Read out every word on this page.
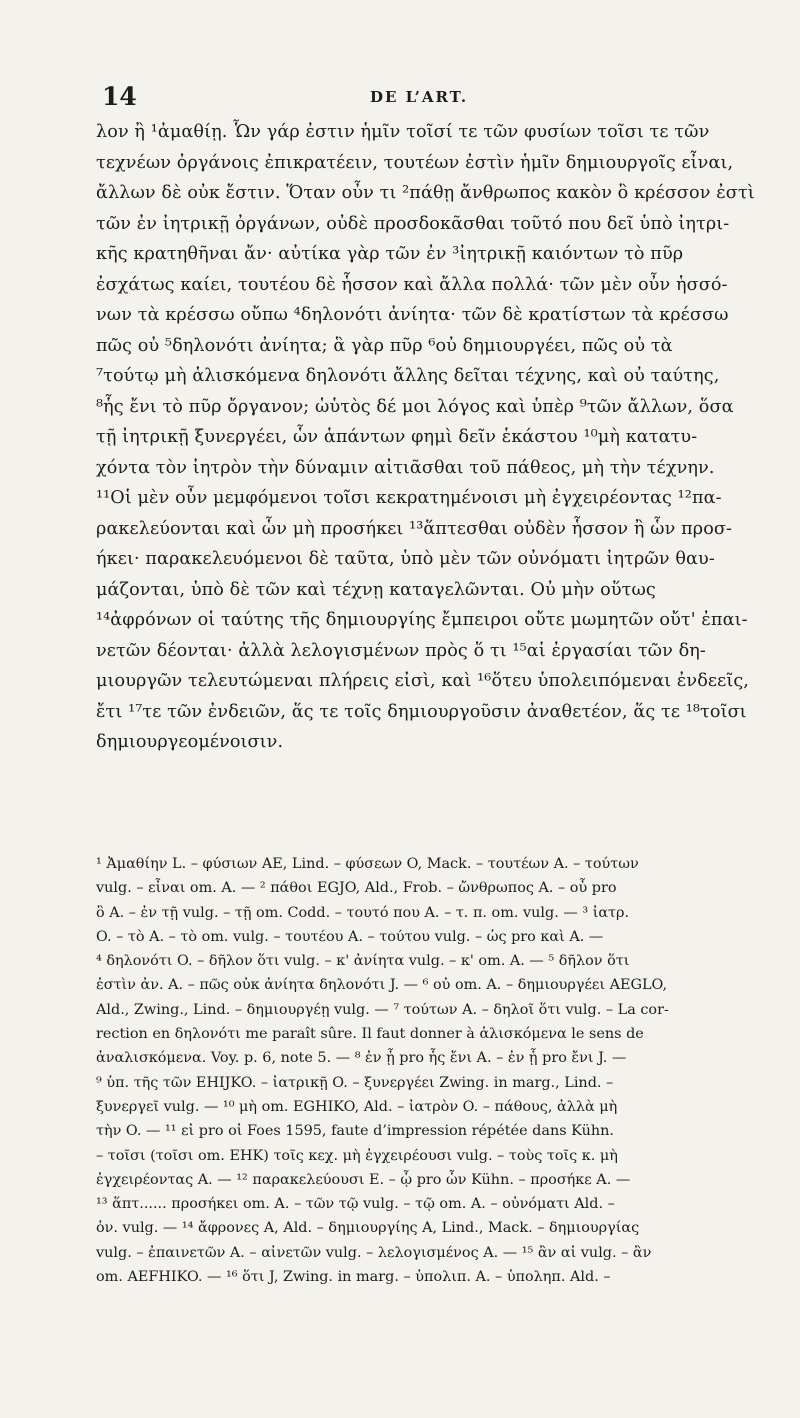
14	DE L’ART.
λον ἢ ¹ἀμαθίῃ. Ὧν γάρ ἐστιν ἡμῖν τοῖσί τε τῶν φυσίων τοῖσι τε τῶν
τεχνέων ὀργάνοις ἐπικρατέειν, τουτέων ἐστὶν ἡμῖν δημιουργοῖς εἶναι,
ἄλλων δὲ οὐκ ἔστιν. Ὅταν οὖν τι ²πάθῃ ἄνθρωπος κακὸν ὃ κρέσσον ἐστὶ
τῶν ἐν ἰητρικῇ ὀργάνων, οὐδὲ προσδοκᾶσθαι τοῦτό που δεῖ ὑπὸ ἰητρι-
κῆς κρατηθῆναι ἄν· αὐτίκα γὰρ τῶν ἐν ³ἰητρικῇ καιόντων τὸ πῦρ
ἐσχάτως καίει, τουτέου δὲ ἧσσον καὶ ἄλλα πολλά· τῶν μὲν οὖν ἡσσό-
νων τὰ κρέσσω οὔπω ⁴δηλονότι ἀνίητα· τῶν δὲ κρατίστων τὰ κρέσσω
πῶς οὐ ⁵δηλονότι ἀνίητα; ἃ γὰρ πῦρ ⁶οὐ δημιουργέει, πῶς οὐ τὰ
⁷τούτῳ μὴ ἁλισκόμενα δηλονότι ἄλλης δεῖται τέχνης, καὶ οὐ ταύτης,
⁸ἧς ἔνι τὸ πῦρ ὄργανον; ὡὑτὸς δέ μοι λόγος καὶ ὑπὲρ ⁹τῶν ἄλλων, ὅσα
τῇ ἰητρικῇ ξυνεργέει, ὧν ἁπάντων φημὶ δεῖν ἑκάστου ¹⁰μὴ κατατυ-
χόντα τὸν ἰητρὸν τὴν δύναμιν αἰτιᾶσθαι τοῦ πάθεος, μὴ τὴν τέχνην.
¹¹Οἱ μὲν οὖν μεμφόμενοι τοῖσι κεκρατημένοισι μὴ ἐγχειρέοντας ¹²πα-
ρακελεύονται καὶ ὧν μὴ προσήκει ¹³ἅπτεσθαι οὐδὲν ἧσσον ἢ ὧν προσ-
ήκει· παρακελευόμενοι δὲ ταῦτα, ὑπὸ μὲν τῶν οὐνόματι ἰητρῶν θαυ-
μάζονται, ὑπὸ δὲ τῶν καὶ τέχνῃ καταγελῶνται. Οὐ μὴν οὕτως
¹⁴ἀφρόνων οἱ ταύτης τῆς δημιουργίης ἔμπειροι οὔτε μωμητῶν οὔτ' ἐπαι-
νετῶν δέονται· ἀλλὰ λελογισμένων πρὸς ὅ τι ¹⁵αἱ ἐργασίαι τῶν δη-
μιουργῶν τελευτώμεναι πλήρεις εἰσὶ, καὶ ¹⁶ὅτευ ὑπολειπόμεναι ἐνδεεῖς,
ἔτι ¹⁷τε τῶν ἐνδειῶν, ἅς τε τοῖς δημιουργοῦσιν ἀναθετέον, ἅς τε ¹⁸τοῖσι
δημιουργεομένοισιν.
¹ Ἀμαθίην L. – φύσιων AE, Lind. – φύσεων O, Mack. – τουτέων A. – τούτων
vulg. – εἶναι om. A. — ² πάθοι EGJO, Ald., Frob. – ὤνθρωπος A. – οὗ pro
ὃ A. – ἐν τῇ vulg. – τῇ om. Codd. – τουτό που A. – τ. π. om. vulg. — ³ ἰατρ.
O. – τὸ A. – τὸ om. vulg. – τουτέου A. – τούτου vulg. – ὡς pro καὶ A. —
⁴ δηλονότι O. – δῆλον ὅτι vulg. – κ' ἀνίητα vulg. – κ' om. A. — ⁵ δῆλον ὅτι
ἐστὶν ἀν. A. – πῶς οὐκ ἀνίητα δηλονότι J. — ⁶ οὐ om. A. – δημιουργέει AEGLO,
Ald., Zwing., Lind. – δημιουργέῃ vulg. — ⁷ τούτων A. – δηλοῖ ὅτι vulg. – La cor-
rection en δηλονότι me paraît sûre. Il faut donner à ἁλισκόμενα le sens de
ἀναλισκόμενα. Voy. p. 6, note 5. — ⁸ ἐν ᾗ pro ἧς ἔνι A. – ἐν ᾗ pro ἔνι J. —
⁹ ὑπ. τῆς τῶν EHIJKO. – ἰατρικῇ O. – ξυνεργέει Zwing. in marg., Lind. –
ξυνεργεῖ vulg. — ¹⁰ μὴ om. EGHIKO, Ald. – ἰατρὸν O. – πάθους, ἀλλὰ μὴ
τὴν O. — ¹¹ εἰ pro οἱ Foes 1595, faute d’impression répétée dans Kühn.
– τοῖσι (τοῖσι om. EHK) τοῖς κεχ. μὴ ἐγχειρέουσι vulg. – τοὺς τοῖς κ. μὴ
ἐγχειρέοντας A. — ¹² παρακελεύουσι E. – ᾧ pro ὧν Kühn. – προσήκε A. —
¹³ ἅπτ...... προσήκει om. A. – τῶν τῷ vulg. – τῷ om. A. – οὐνόματι Ald. –
ὀν. vulg. — ¹⁴ ἄφρονες A, Ald. – δημιουργίης A, Lind., Mack. – δημιουργίας
vulg. – ἐπαινετῶν A. – αἰνετῶν vulg. – λελογισμένος A. — ¹⁵ ἂν αἱ vulg. – ἂν
om. AEFHIKO. — ¹⁶ ὅτι J, Zwing. in marg. – ὑπολιπ. A. – ὑποληπ. Ald. –
